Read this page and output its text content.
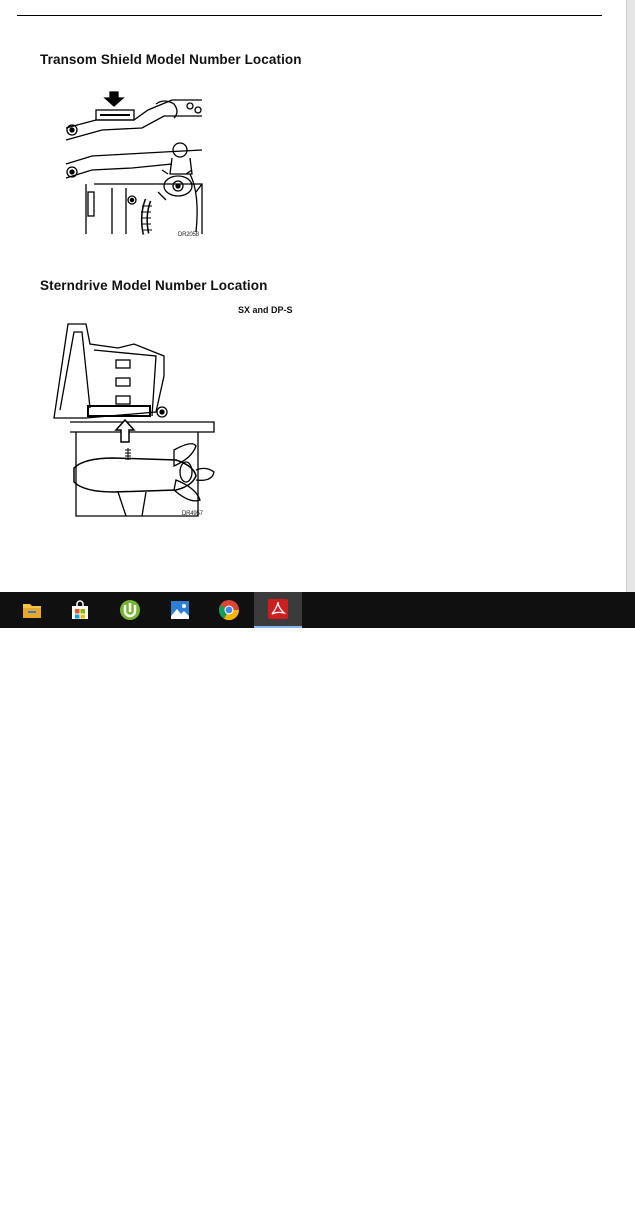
Transom Shield Model Number Location
DR2058
Sterndrive Model Number Location
SX and DP-S
DR4957
⚲
